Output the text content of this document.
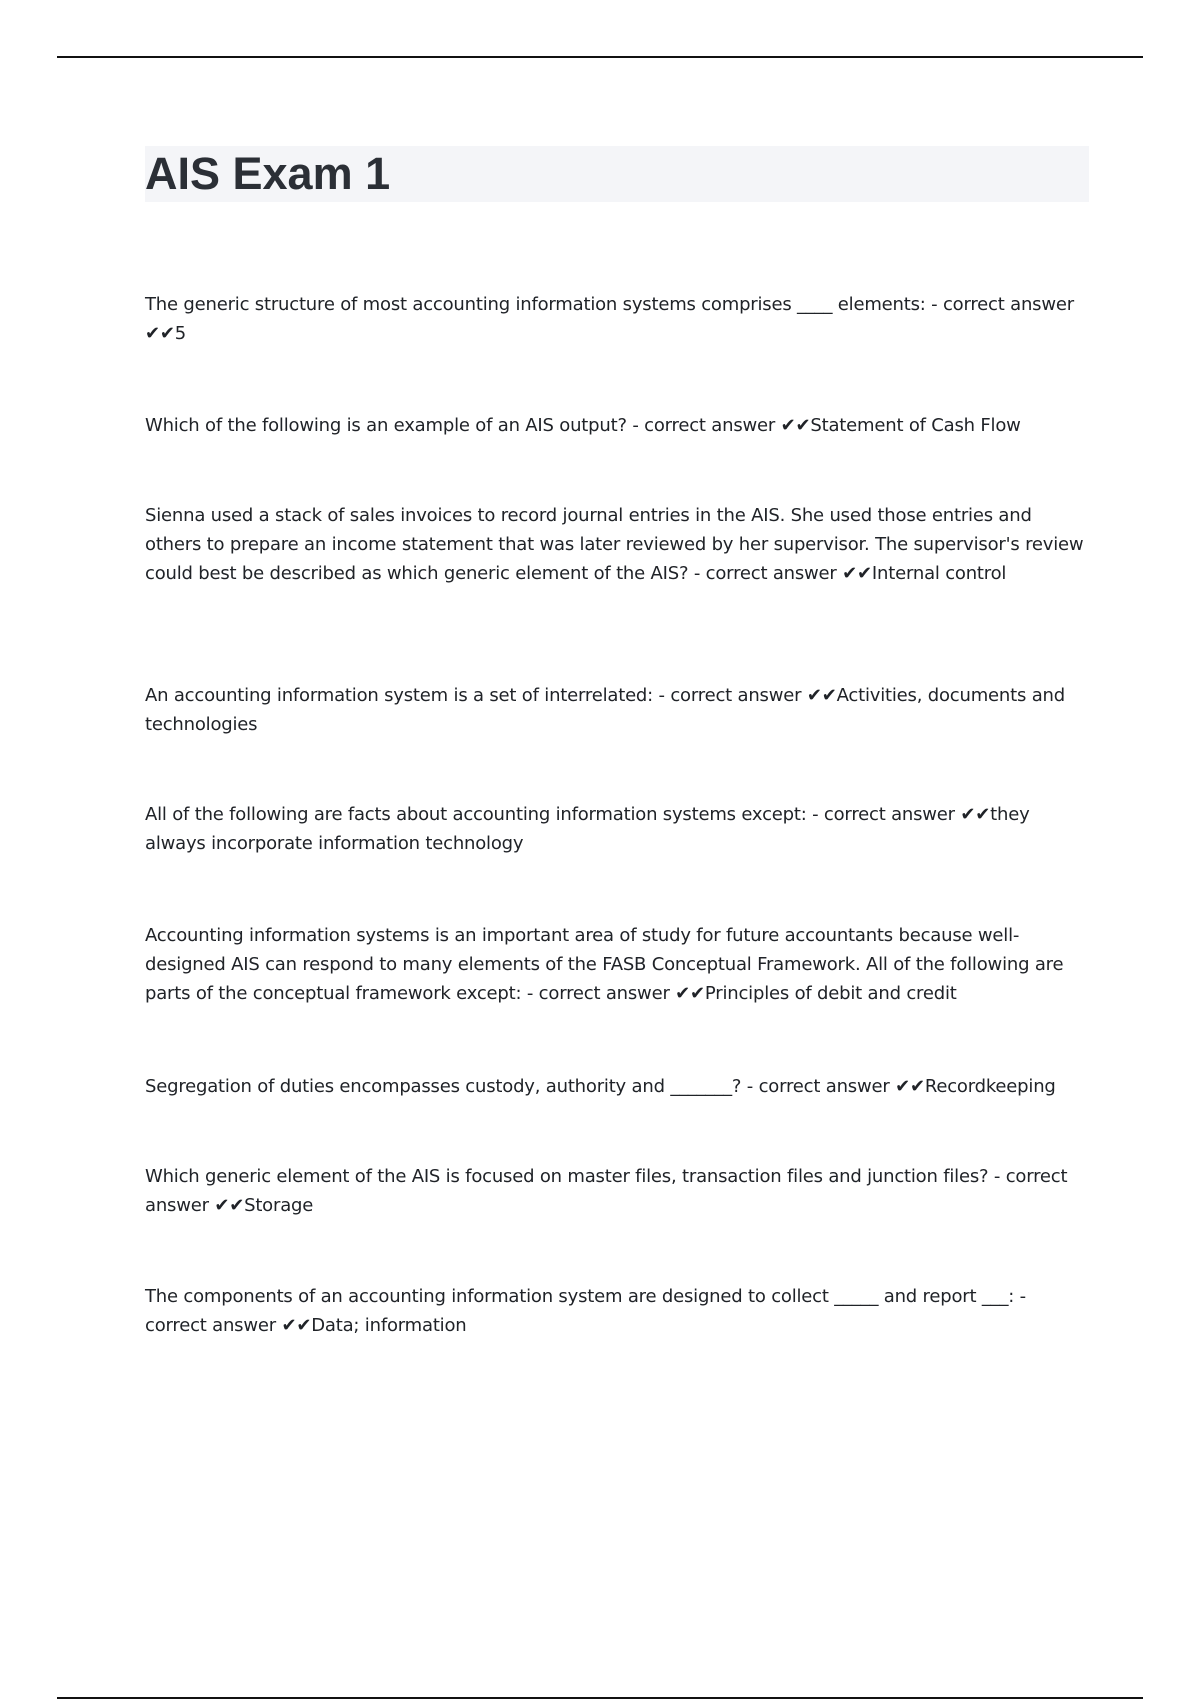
AIS Exam 1

The generic structure of most accounting information systems comprises ____ elements: - correct answer ✔✔5

Which of the following is an example of an AIS output? - correct answer ✔✔Statement of Cash Flow

Sienna used a stack of sales invoices to record journal entries in the AIS. She used those entries and others to prepare an income statement that was later reviewed by her supervisor. The supervisor's review could best be described as which generic element of the AIS? - correct answer ✔✔Internal control

An accounting information system is a set of interrelated: - correct answer ✔✔Activities, documents and technologies

All of the following are facts about accounting information systems except: - correct answer ✔✔they always incorporate information technology

Accounting information systems is an important area of study for future accountants because well-designed AIS can respond to many elements of the FASB Conceptual Framework. All of the following are parts of the conceptual framework except: - correct answer ✔✔Principles of debit and credit

Segregation of duties encompasses custody, authority and _______? - correct answer ✔✔Recordkeeping

Which generic element of the AIS is focused on master files, transaction files and junction files? - correct answer ✔✔Storage

The components of an accounting information system are designed to collect _____ and report ___: - correct answer ✔✔Data; information
